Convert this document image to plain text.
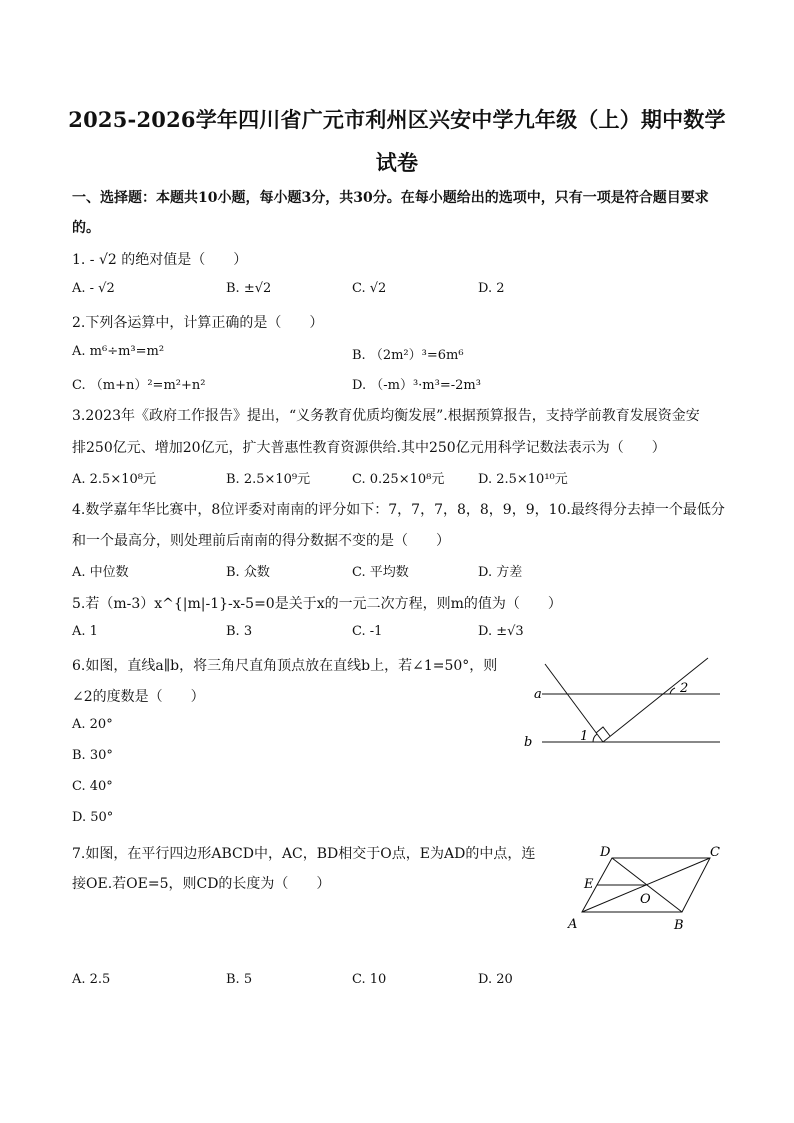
2025-2026学年四川省广元市利州区兴安中学九年级（上）期中数学
试卷
一、选择题：本题共10小题，每小题3分，共30分。在每小题给出的选项中，只有一项是符合题目要求
的。
1. - √2 的绝对值是（　　）
A. - √2	B. ±√2	C. √2	D. 2
2.下列各运算中，计算正确的是（　　）
A. m⁶÷m³=m²	B. （2m²）³=6m⁶
C. （m+n）²=m²+n²	D. （-m）³·m³=-2m³
3.2023年《政府工作报告》提出，“义务教育优质均衡发展”.根据预算报告，支持学前教育发展资金安
排250亿元、增加20亿元，扩大普惠性教育资源供给.其中250亿元用科学记数法表示为（　　）
A. 2.5×10⁸元	B. 2.5×10⁹元	C. 0.25×10⁸元	D. 2.5×10¹⁰元
4.数学嘉年华比赛中，8位评委对南南的评分如下：7，7，7，8，8，9，9，10.最终得分去掉一个最低分
和一个最高分，则处理前后南南的得分数据不变的是（　　）
A. 中位数	B. 众数	C. 平均数	D. 方差
5.若（m-3）x^{|m|-1}-x-5=0是关于x的一元二次方程，则m的值为（　　）
A. 1	B. 3	C. -1	D. ±√3
6.如图，直线a∥b，将三角尺直角顶点放在直线b上，若∠1=50°，则
∠2的度数是（　　）
A. 20°
B. 30°
C. 40°
D. 50°
a
b	1
2
7.如图，在平行四边形ABCD中，AC，BD相交于O点，E为AD的中点，连
接OE.若OE=5，则CD的长度为（　　）
D	C
E
O
A	B
A. 2.5	B. 5	C. 10	D. 20
